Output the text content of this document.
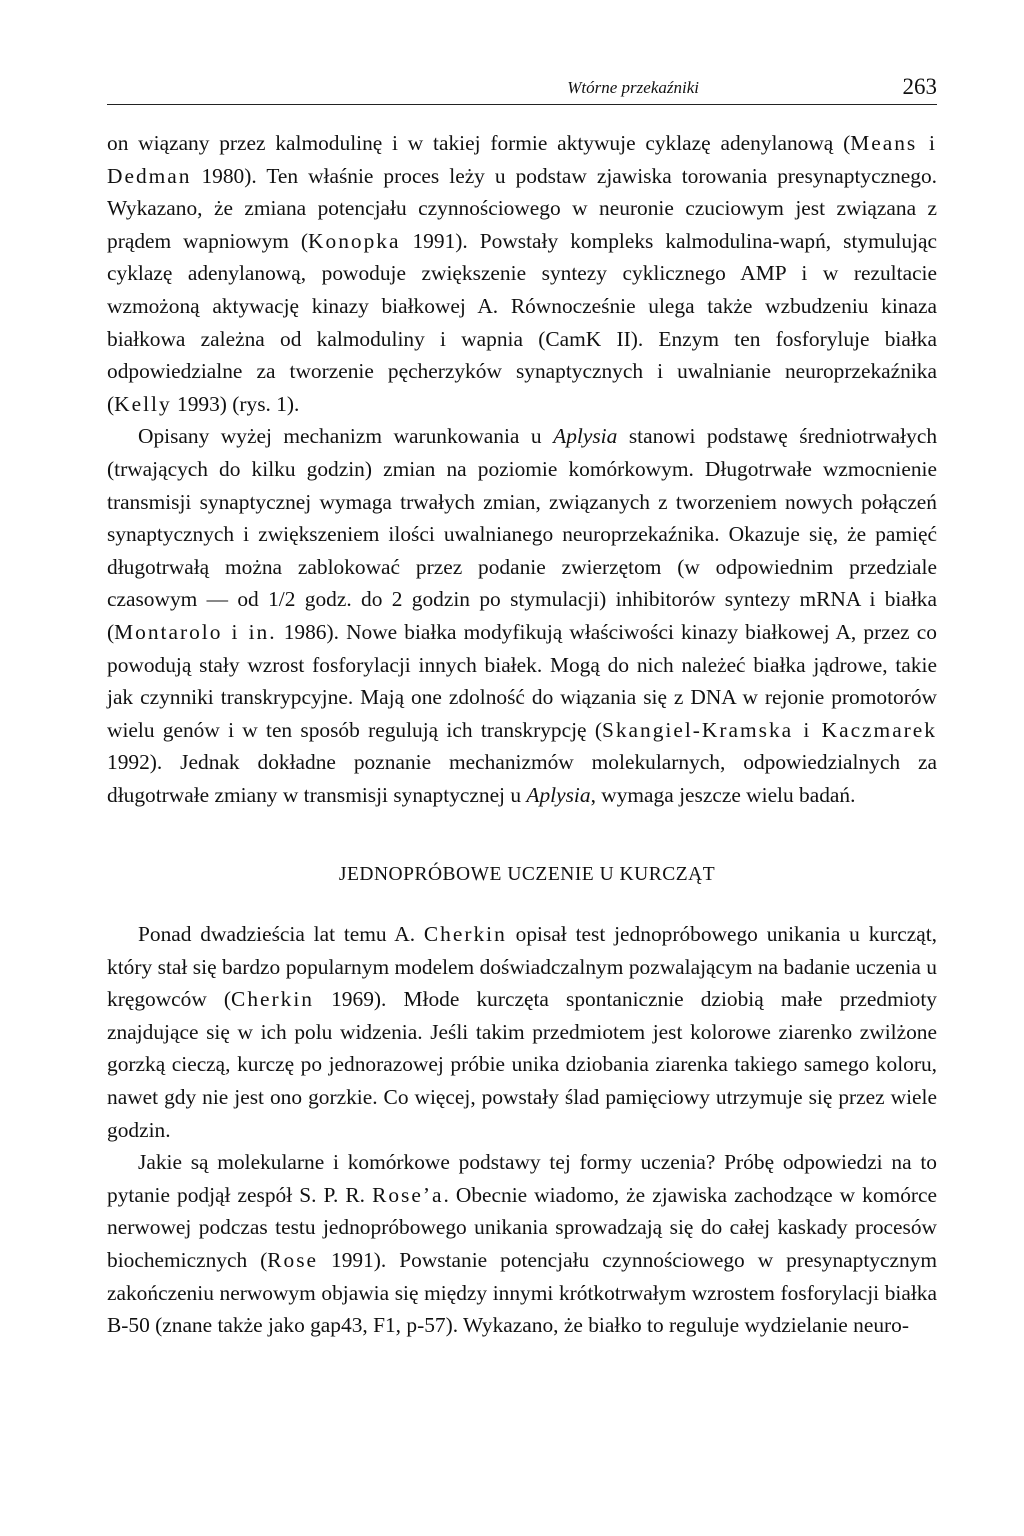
Wtórne przekaźniki	263

on wiązany przez kalmodulinę i w takiej formie aktywuje cyklazę adenylanową (Means i Dedman 1980). Ten właśnie proces leży u podstaw zjawiska torowania presynaptycznego. Wykazano, że zmiana potencjału czynnościowego w neuronie czuciowym jest związana z prądem wapniowym (Konopka 1991). Powstały kompleks kalmodulina-wapń, stymulując cyklazę adenylanową, powoduje zwiększenie syntezy cyklicznego AMP i w rezultacie wzmożoną aktywację kinazy białkowej A. Równocześnie ulega także wzbudzeniu kinaza białkowa zależna od kalmoduliny i wapnia (CamK II). Enzym ten fosforyluje białka odpowiedzialne za tworzenie pęcherzyków synaptycznych i uwalnianie neuroprzekaźnika (Kelly 1993) (rys. 1).

Opisany wyżej mechanizm warunkowania u Aplysia stanowi podstawę średniotrwałych (trwających do kilku godzin) zmian na poziomie komórkowym. Długotrwałe wzmocnienie transmisji synaptycznej wymaga trwałych zmian, związanych z tworzeniem nowych połączeń synaptycznych i zwiększeniem ilości uwalnianego neuroprzekaźnika. Okazuje się, że pamięć długotrwałą można zablokować przez podanie zwierzętom (w odpowiednim przedziale czasowym — od 1/2 godz. do 2 godzin po stymulacji) inhibitorów syntezy mRNA i białka (Montarolo i in. 1986). Nowe białka modyfikują właściwości kinazy białkowej A, przez co powodują stały wzrost fosforylacji innych białek. Mogą do nich należeć białka jądrowe, takie jak czynniki transkrypcyjne. Mają one zdolność do wiązania się z DNA w rejonie promotorów wielu genów i w ten sposób regulują ich transkrypcję (Skangiel-Kramska i Kaczmarek 1992). Jednak dokładne poznanie mechanizmów molekularnych, odpowiedzialnych za długotrwałe zmiany w transmisji synaptycznej u Aplysia, wymaga jeszcze wielu badań.

JEDNOPRÓBOWE UCZENIE U KURCZĄT

Ponad dwadzieścia lat temu A. Cherkin opisał test jednopróbowego unikania u kurcząt, który stał się bardzo popularnym modelem doświadczalnym pozwalającym na badanie uczenia u kręgowców (Cherkin 1969). Młode kurczęta spontanicznie dziobią małe przedmioty znajdujące się w ich polu widzenia. Jeśli takim przedmiotem jest kolorowe ziarenko zwilżone gorzką cieczą, kurczę po jednorazowej próbie unika dziobania ziarenka takiego samego koloru, nawet gdy nie jest ono gorzkie. Co więcej, powstały ślad pamięciowy utrzymuje się przez wiele godzin.

Jakie są molekularne i komórkowe podstawy tej formy uczenia? Próbę odpowiedzi na to pytanie podjął zespół S. P. R. Rose’a. Obecnie wiadomo, że zjawiska zachodzące w komórce nerwowej podczas testu jednopróbowego unikania sprowadzają się do całej kaskady procesów biochemicznych (Rose 1991). Powstanie potencjału czynnościowego w presynaptycznym zakończeniu nerwowym objawia się między innymi krótkotrwałym wzrostem fosforylacji białka B-50 (znane także jako gap43, F1, p-57). Wykazano, że białko to reguluje wydzielanie neuro-
